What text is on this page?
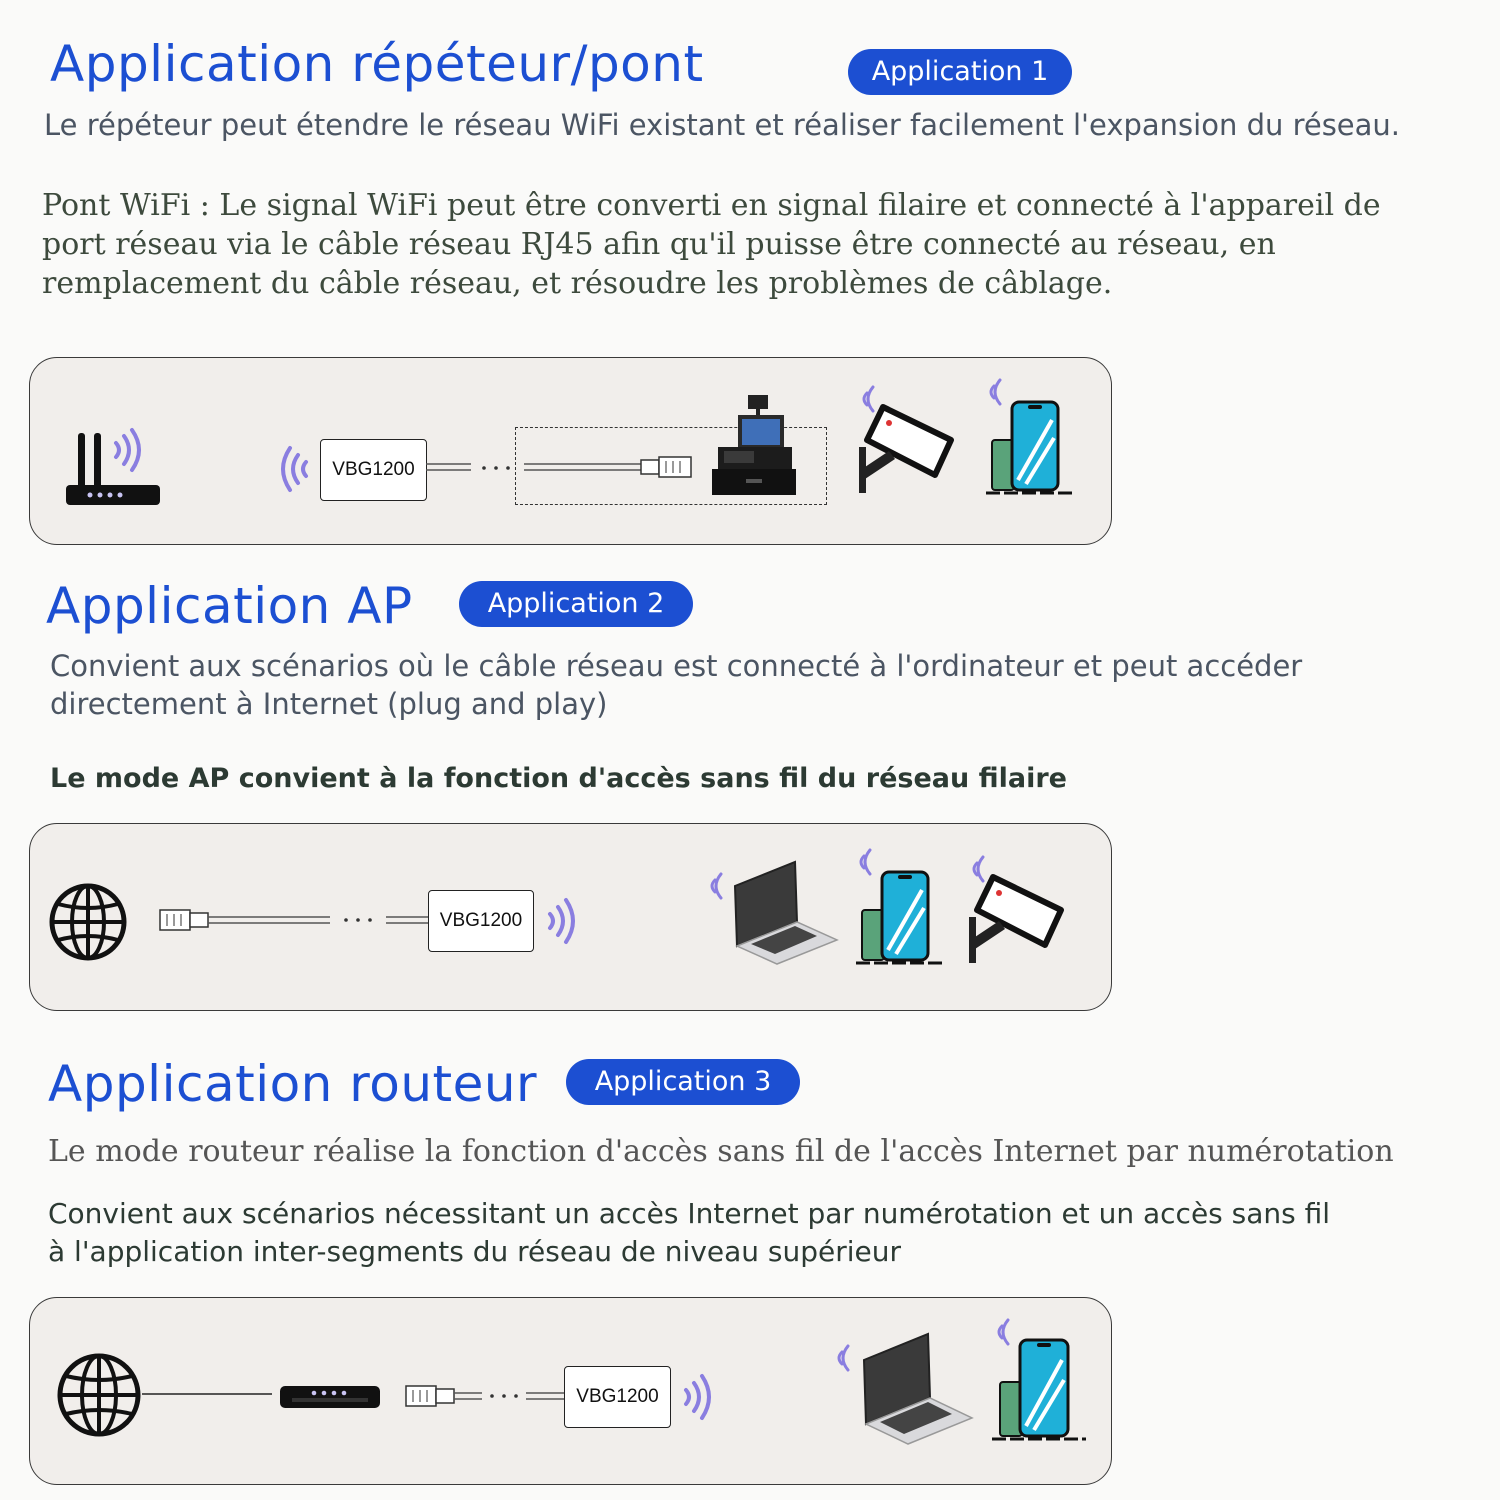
Application répéteur/pont	Application 1
Le répéteur peut étendre le réseau WiFi existant et réaliser facilement l'expansion du réseau.
Pont WiFi : Le signal WiFi peut être converti en signal filaire et connecté à l'appareil de
port réseau via le câble réseau RJ45 afin qu'il puisse être connecté au réseau, en
remplacement du câble réseau, et résoudre les problèmes de câblage.
VBG1200
Application AP	Application 2
Convient aux scénarios où le câble réseau est connecté à l'ordinateur et peut accéder
directement à Internet (plug and play)
Le mode AP convient à la fonction d'accès sans fil du réseau filaire
VBG1200
Application routeur	Application 3
Le mode routeur réalise la fonction d'accès sans fil de l'accès Internet par numérotation
Convient aux scénarios nécessitant un accès Internet par numérotation et un accès sans fil
à l'application inter-segments du réseau de niveau supérieur
VBG1200
